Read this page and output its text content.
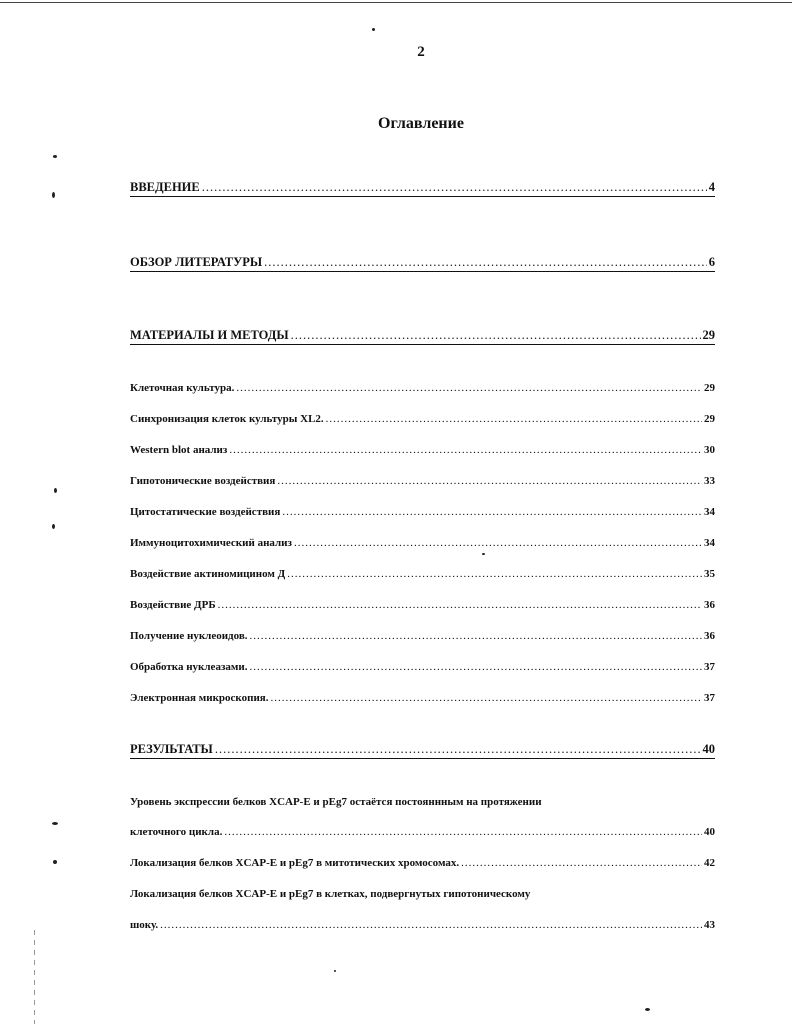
2
Оглавление
ВВЕДЕНИЕ .....	4
ОБЗОР ЛИТЕРАТУРЫ .....	6
МАТЕРИАЛЫ И МЕТОДЫ .....	29
Клеточная культура. .....	29
Синхронизация клеток культуры XL2. .....	29
Western blot анализ .....	30
Гипотонические воздействия .....	33
Цитостатические воздействия .....	34
Иммуноцитохимический анализ .....	34
Воздействие актиномицином Д .....	35
Воздействие ДРБ .....	36
Получение нуклеоидов. .....	36
Обработка нуклеазами. .....	37
Электронная микроскопия. .....	37
РЕЗУЛЬТАТЫ .....	40
Уровень экспрессии белков XCAP-E и pEg7 остаётся постояннным на протяжении
клеточного цикла. .....	40
Локализация белков XCAP-E и pEg7 в митотических хромосомах. .....	42
Локализация белков XCAP-E и pEg7 в клетках, подвергнутых гипотоническому
шоку. .....	43
